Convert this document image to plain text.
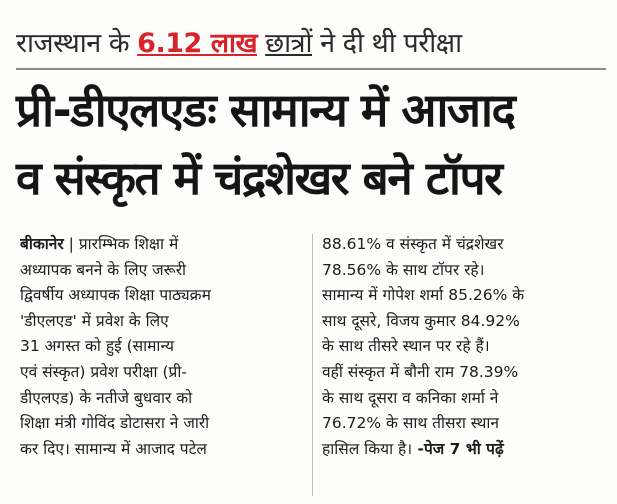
राजस्थान के 6.12 लाख छात्रों ने दी थी परीक्षा
प्री-डीएलएडः सामान्य में आजाद
व संस्कृत में चंद्रशेखर बने टॉपर
बीकानेर | प्रारम्भिक शिक्षा में
अध्यापक बनने के लिए जरूरी
द्विवर्षीय अध्यापक शिक्षा पाठ्यक्रम
'डीएलएड' में प्रवेश के लिए
31 अगस्त को हुई (सामान्य
एवं संस्कृत) प्रवेश परीक्षा (प्री-
डीएलएड) के नतीजे बुधवार को
शिक्षा मंत्री गोविंद डोटासरा ने जारी
कर दिए। सामान्य में आजाद पटेल
88.61% व संस्कृत में चंद्रशेखर
78.56% के साथ टॉपर रहे।
सामान्य में गोपेश शर्मा 85.26% के
साथ दूसरे, विजय कुमार 84.92%
के साथ तीसरे स्थान पर रहे हैं।
वहीं संस्कृत में बौनी राम 78.39%
के साथ दूसरा व कनिका शर्मा ने
76.72% के साथ तीसरा स्थान
हासिल किया है। -पेज 7 भी पढ़ें
